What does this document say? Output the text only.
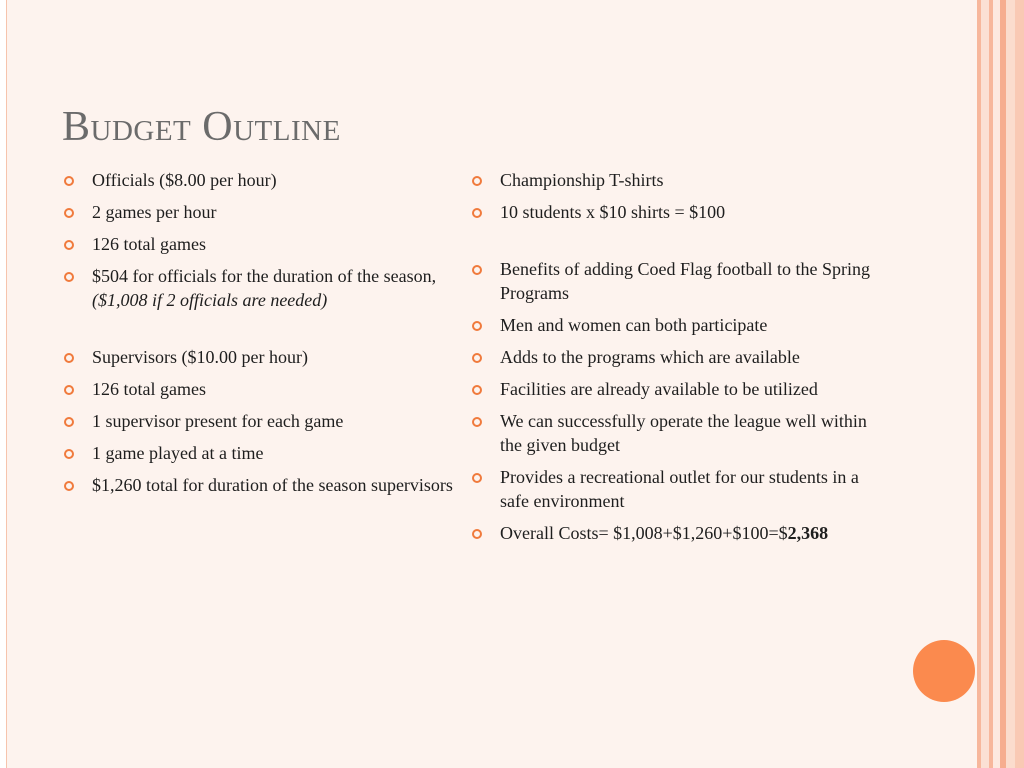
Budget Outline
Officials ($8.00 per hour)
2 games per hour
126 total games
$504 for officials for the duration of the season, ($1,008 if 2 officials are needed)
Supervisors ($10.00 per hour)
126 total games
1 supervisor present for each game
1 game played at a time
$1,260 total for duration of the season supervisors
Championship T-shirts
10 students x $10 shirts = $100
Benefits of adding Coed Flag football to the Spring Programs
Men and women can both participate
Adds to the programs which are available
Facilities are already available to be utilized
We can successfully operate the league well within the given budget
Provides a recreational outlet for our students in a safe environment
Overall Costs= $1,008+$1,260+$100=$2,368
